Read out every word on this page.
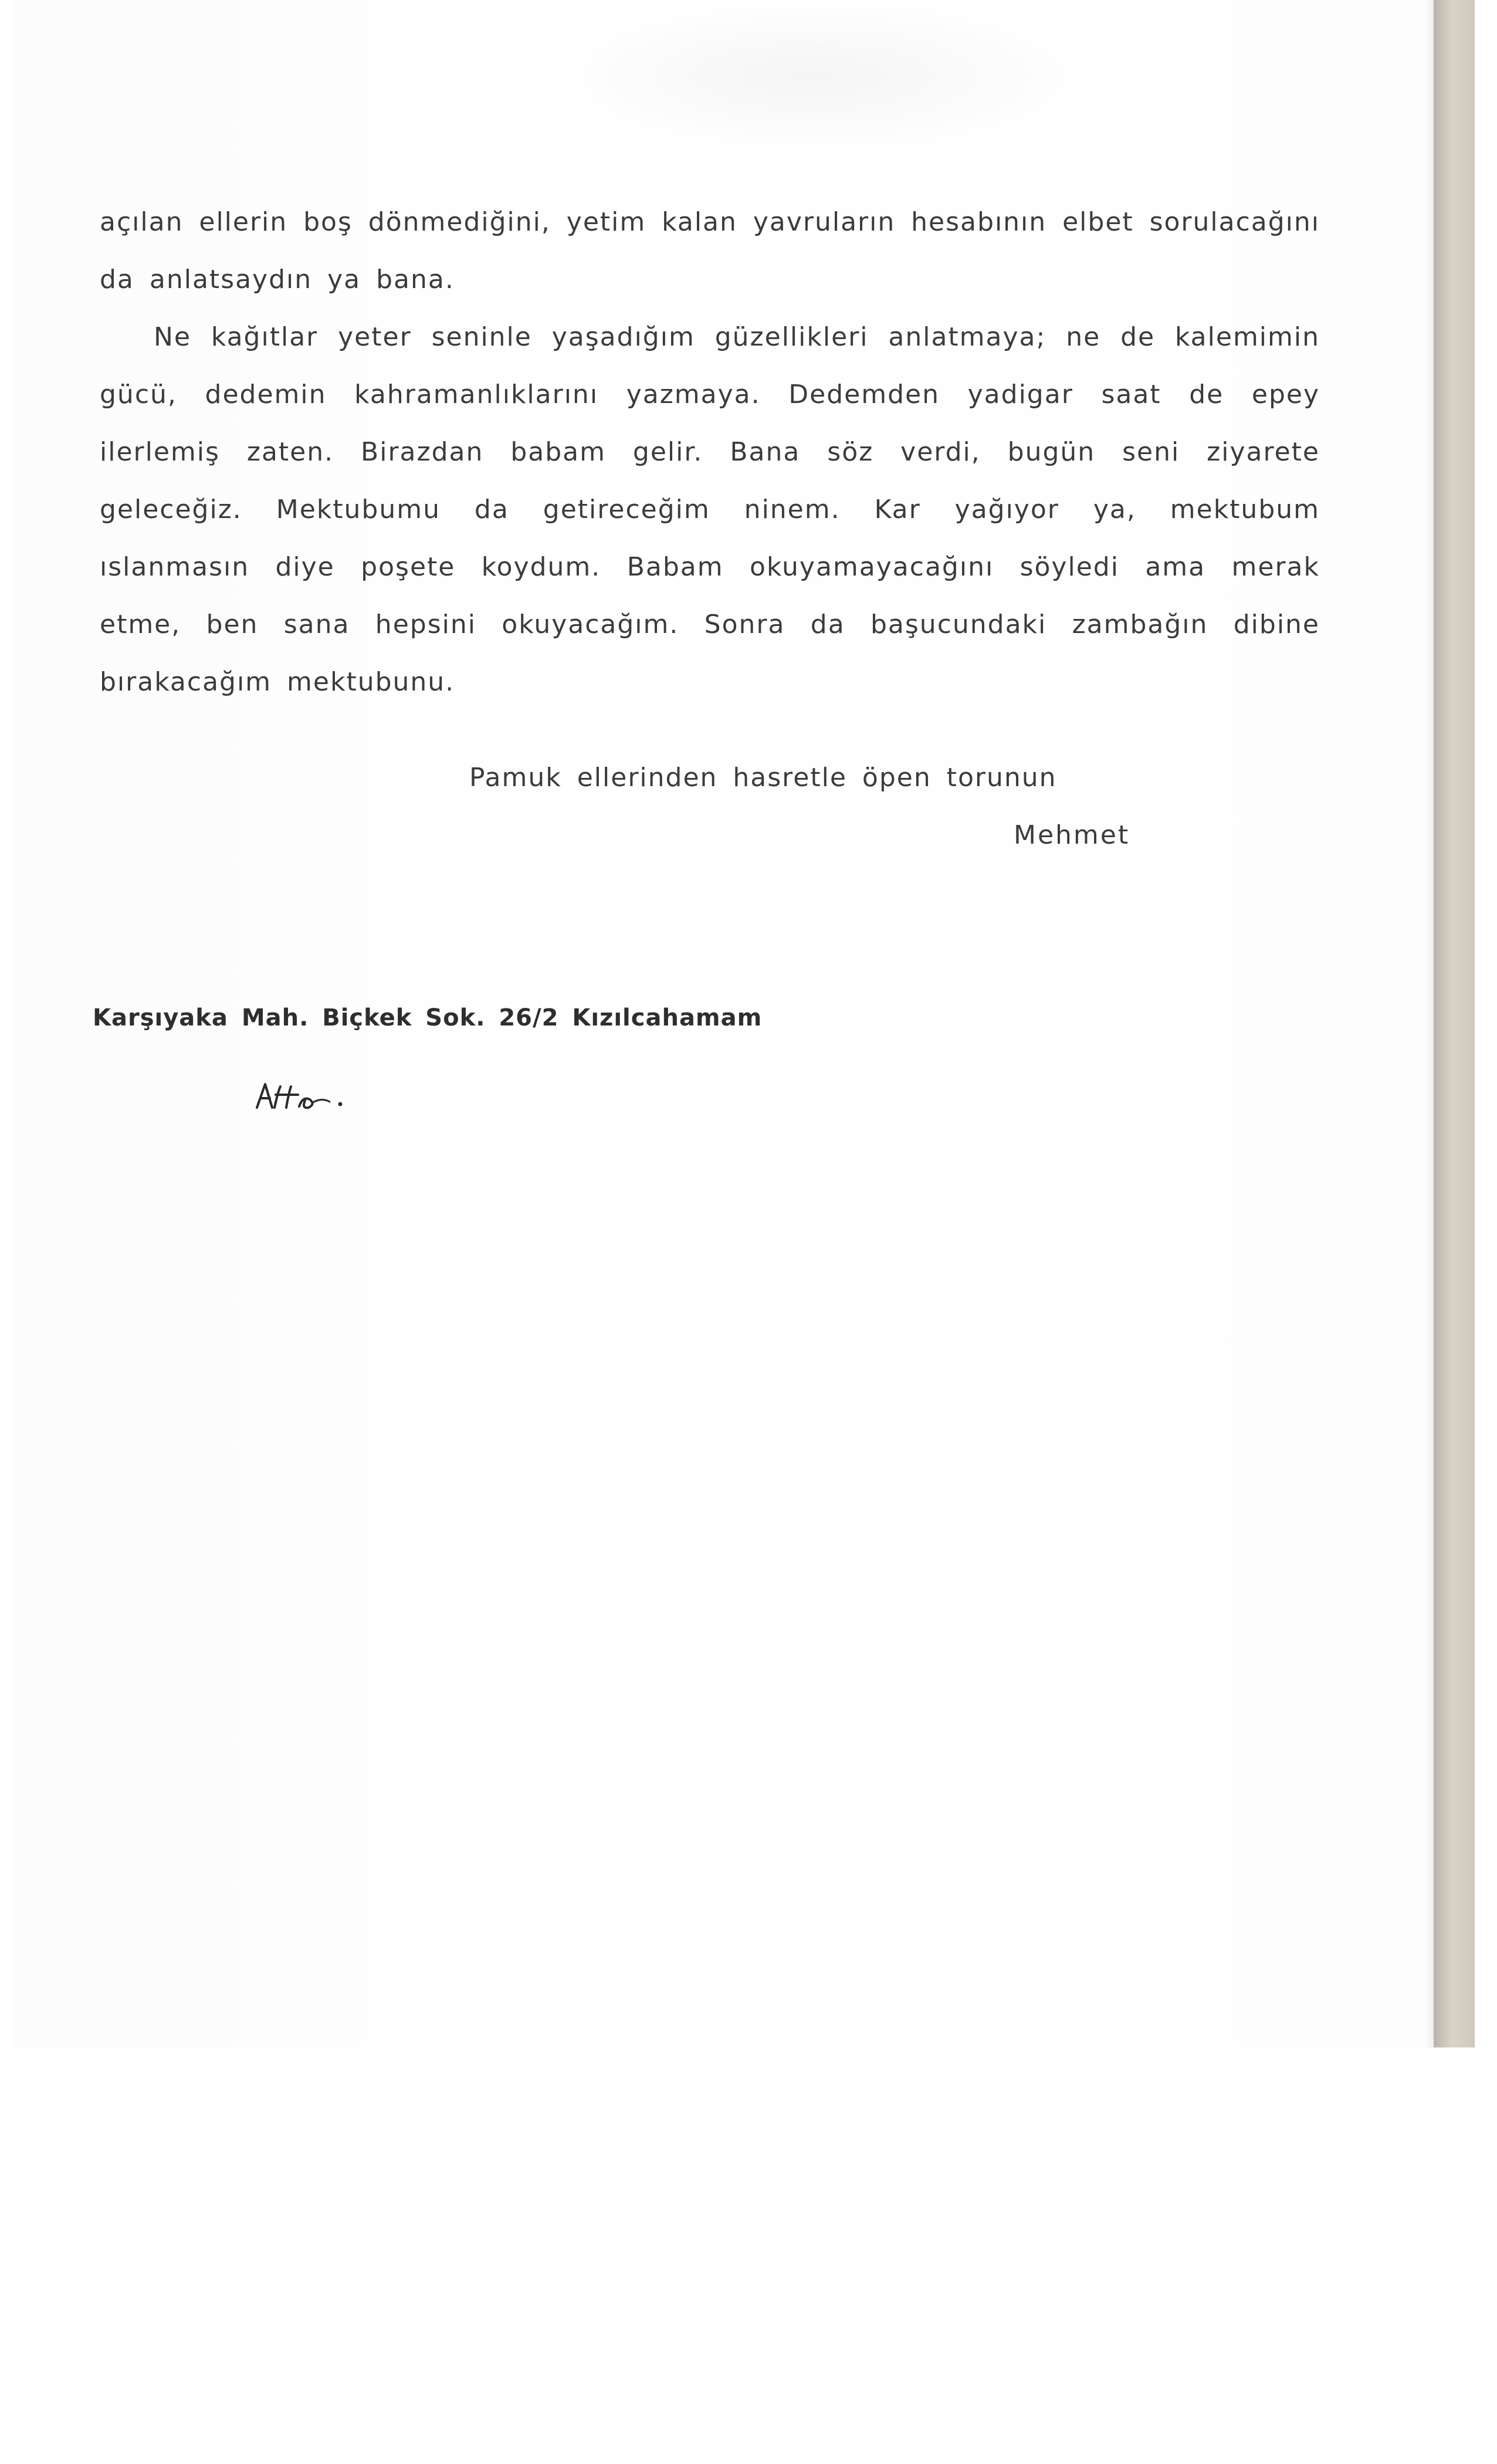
açılan ellerin boş dönmediğini, yetim kalan yavruların hesabının elbet sorulacağını da anlatsaydın ya bana.

Ne kağıtlar yeter seninle yaşadığım güzellikleri anlatmaya; ne de kalemimin gücü, dedemin kahramanlıklarını yazmaya. Dedemden yadigar saat de epey ilerlemiş zaten. Birazdan babam gelir. Bana söz verdi, bugün seni ziyarete geleceğiz. Mektubumu da getireceğim ninem. Kar yağıyor ya, mektubum ıslanmasın diye poşete koydum. Babam okuyamayacağını söyledi ama merak etme, ben sana hepsini okuyacağım. Sonra da başucundaki zambağın dibine bırakacağım mektubunu.

Pamuk ellerinden hasretle öpen torunun
Mehmet
Karşıyaka Mah. Biçkek Sok. 26/2 Kızılcahamam
